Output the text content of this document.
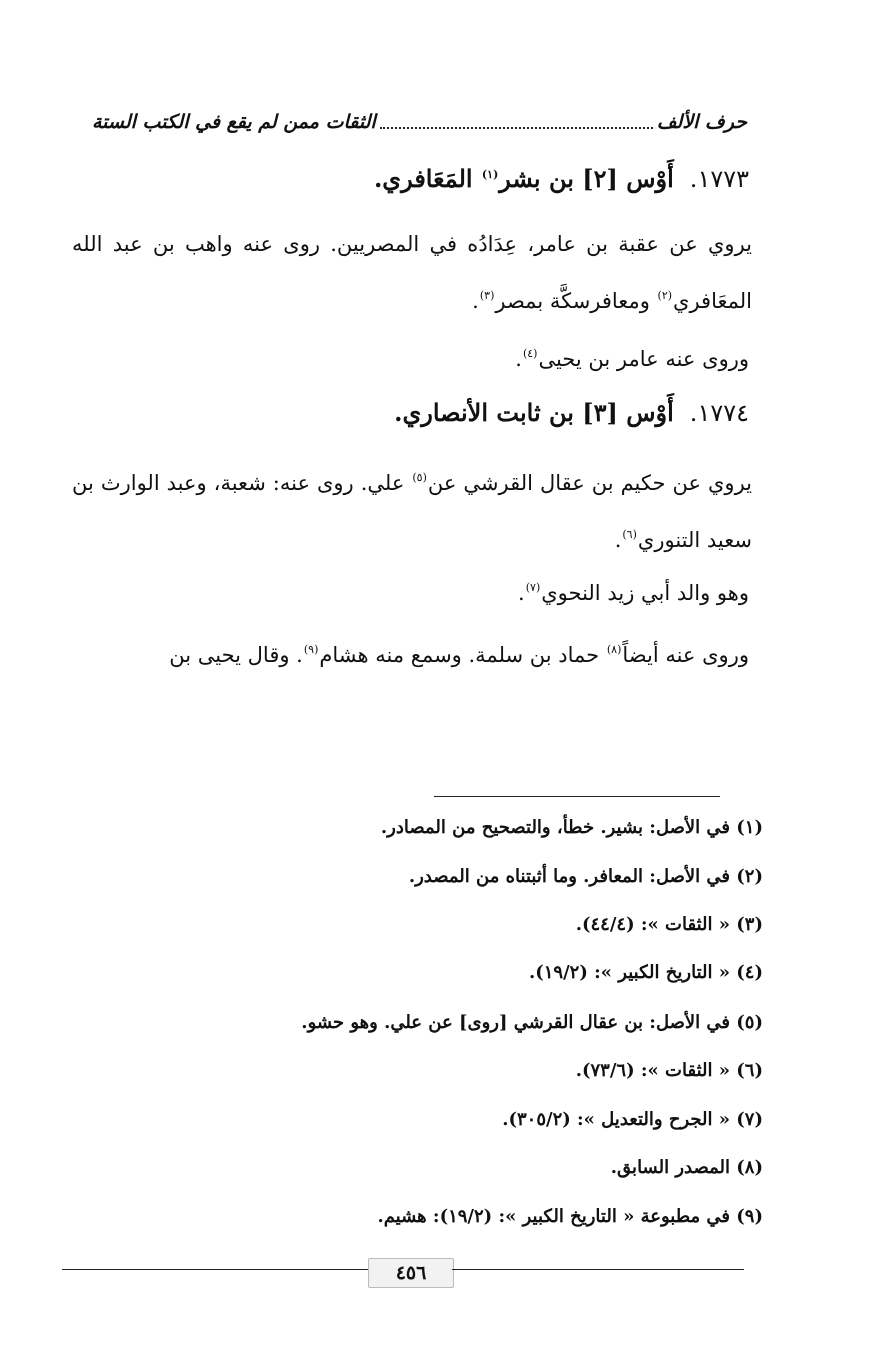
حرف الألف
الثقات ممن لم يقع في الكتب الستة
١٧٧٣.أَوْس [٢] بن بشر$^{(١)}$ المَعَافري.
يروي عن عقبة بن عامر، عِدَادُه في المصريين. روى عنه واهب بن عبد الله المعَافري$^{(٢)}$ ومعافرسكَّة بمصر$^{(٣)}$.
وروى عنه عامر بن يحيى$^{(٤)}$.
١٧٧٤.أَوْس [٣] بن ثابت الأنصاري.
يروي عن حكيم بن عقال القرشي عن$^{(٥)}$ علي. روى عنه: شعبة، وعبد الوارث بن سعيد التنوري$^{(٦)}$.
وهو والد أبي زيد النحوي$^{(٧)}$.
وروى عنه أيضاً$^{(٨)}$ حماد بن سلمة. وسمع منه هشام$^{(٩)}$. وقال يحيى بن
(١) في الأصل: بشير. خطأ، والتصحيح من المصادر.
(٢) في الأصل: المعافر. وما أثبتناه من المصدر.
(٣) « الثقات »: (٤٤/٤).
(٤) « التاريخ الكبير »: (١٩/٢).
(٥) في الأصل: بن عقال القرشي [روى] عن علي. وهو حشو.
(٦) « الثقات »: (٧٣/٦).
(٧) « الجرح والتعديل »: (٣٠٥/٢).
(٨) المصدر السابق.
(٩) في مطبوعة « التاريخ الكبير »: (١٩/٢): هشيم.
٤٥٦
